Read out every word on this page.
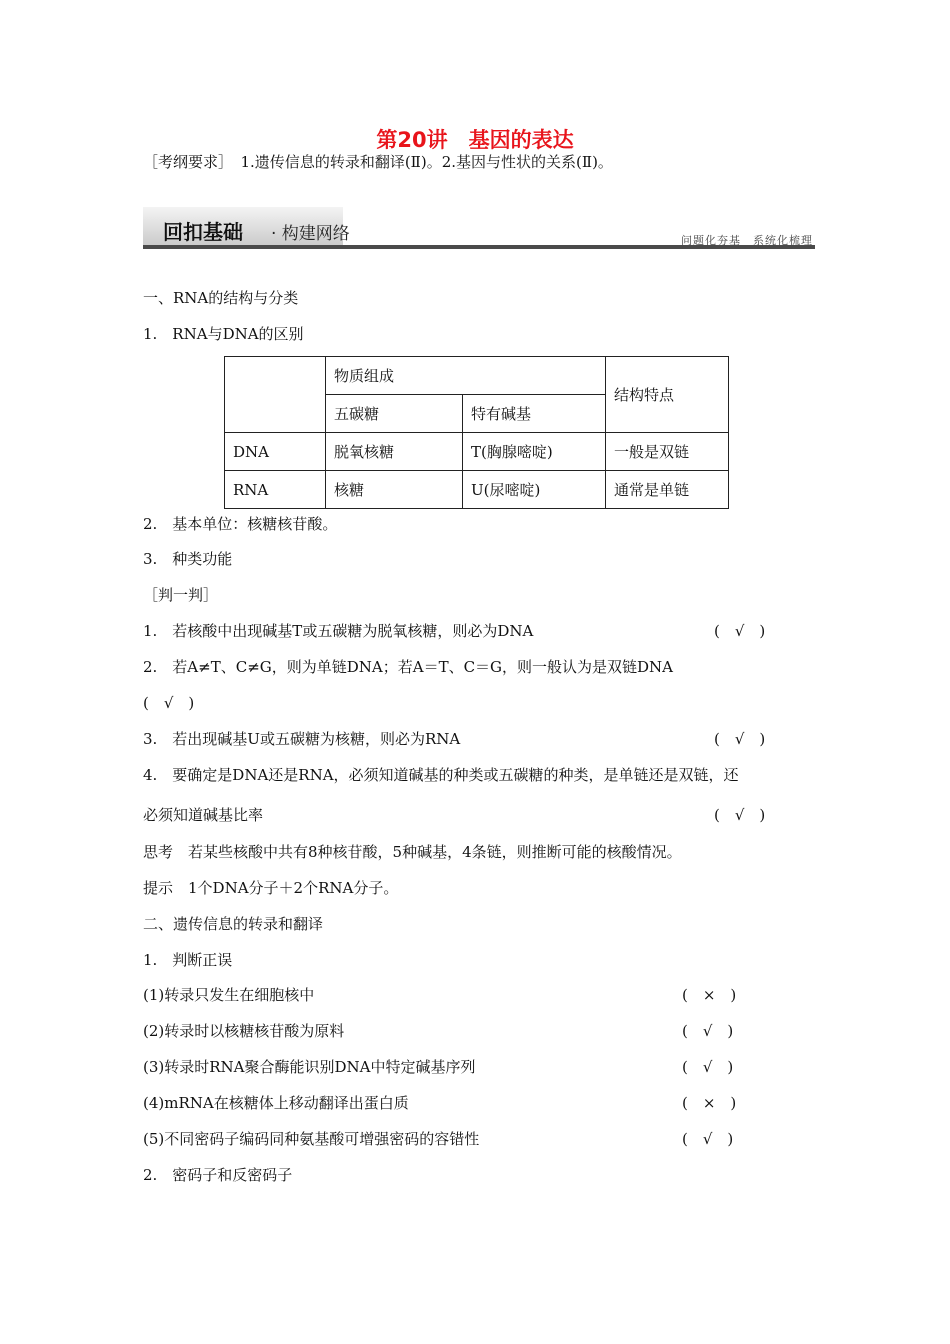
第20讲　基因的表达
［考纲要求］　1.遗传信息的转录和翻译(Ⅱ)。2.基因与性状的关系(Ⅱ)。
回扣基础 · 构建网络	问题化夯基　系统化梳理
一、RNA的结构与分类
1.　RNA与DNA的区别
	物质组成		结构特点
	五碳糖	特有碱基	
DNA	脱氧核糖	T(胸腺嘧啶)	一般是双链
RNA	核糖	U(尿嘧啶)	通常是单链
2.　基本单位：核糖核苷酸。
3.　种类功能
［判一判］
1.　若核酸中出现碱基T或五碳糖为脱氧核糖，则必为DNA	(　√　)
2.　若A≠T、C≠G，则为单链DNA；若A＝T、C＝G，则一般认为是双链DNA
(　√　)
3.　若出现碱基U或五碳糖为核糖，则必为RNA	(　√　)
4.　要确定是DNA还是RNA，必须知道碱基的种类或五碳糖的种类，是单链还是双链，还
必须知道碱基比率	(　√　)
思考　若某些核酸中共有8种核苷酸，5种碱基，4条链，则推断可能的核酸情况。
提示　1个DNA分子＋2个RNA分子。
二、遗传信息的转录和翻译
1.　判断正误
(1)转录只发生在细胞核中	(　×　)
(2)转录时以核糖核苷酸为原料	(　√　)
(3)转录时RNA聚合酶能识别DNA中特定碱基序列	(　√　)
(4)mRNA在核糖体上移动翻译出蛋白质	(　×　)
(5)不同密码子编码同种氨基酸可增强密码的容错性	(　√　)
2.　密码子和反密码子
